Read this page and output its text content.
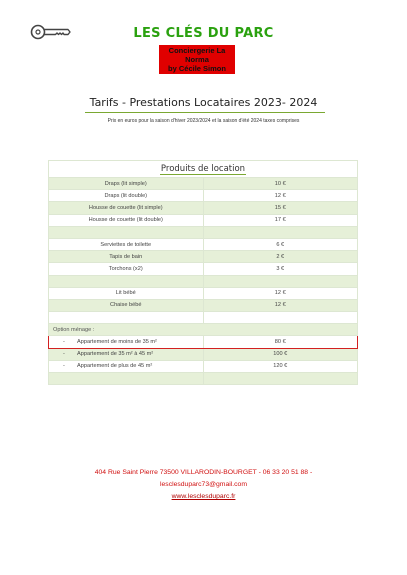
LES CLÉS DU PARC
Conciergerie La Norma
by Cécile Simon
Tarifs - Prestations Locataires 2023- 2024
Prix en euros pour la saison d'hiver 2023/2024 et la saison d'été 2024 taxes comprises
Produits de location	
Draps (lit simple)	10 €
Draps (lit double)	12 €
Housse de couette (lit simple)	15 €
Housse de couette (lit double)	17 €

Serviettes de toilette	6 €
Tapis de bain	2 €
Torchons (x2)	3 €

Lit bébé	12 €
Chaise bébé	12 €

Option ménage :	
- Appartement de moins de 35 m²	80 €
- Appartement de 35 m² à 45 m²	100 €
- Appartement de plus de 45 m²	120 €

404 Rue Saint Pierre 73500 VILLARODIN-BOURGET - 06 33 20 51 88 -
lesclesduparc73@gmail.com
www.lesclesduparc.fr
